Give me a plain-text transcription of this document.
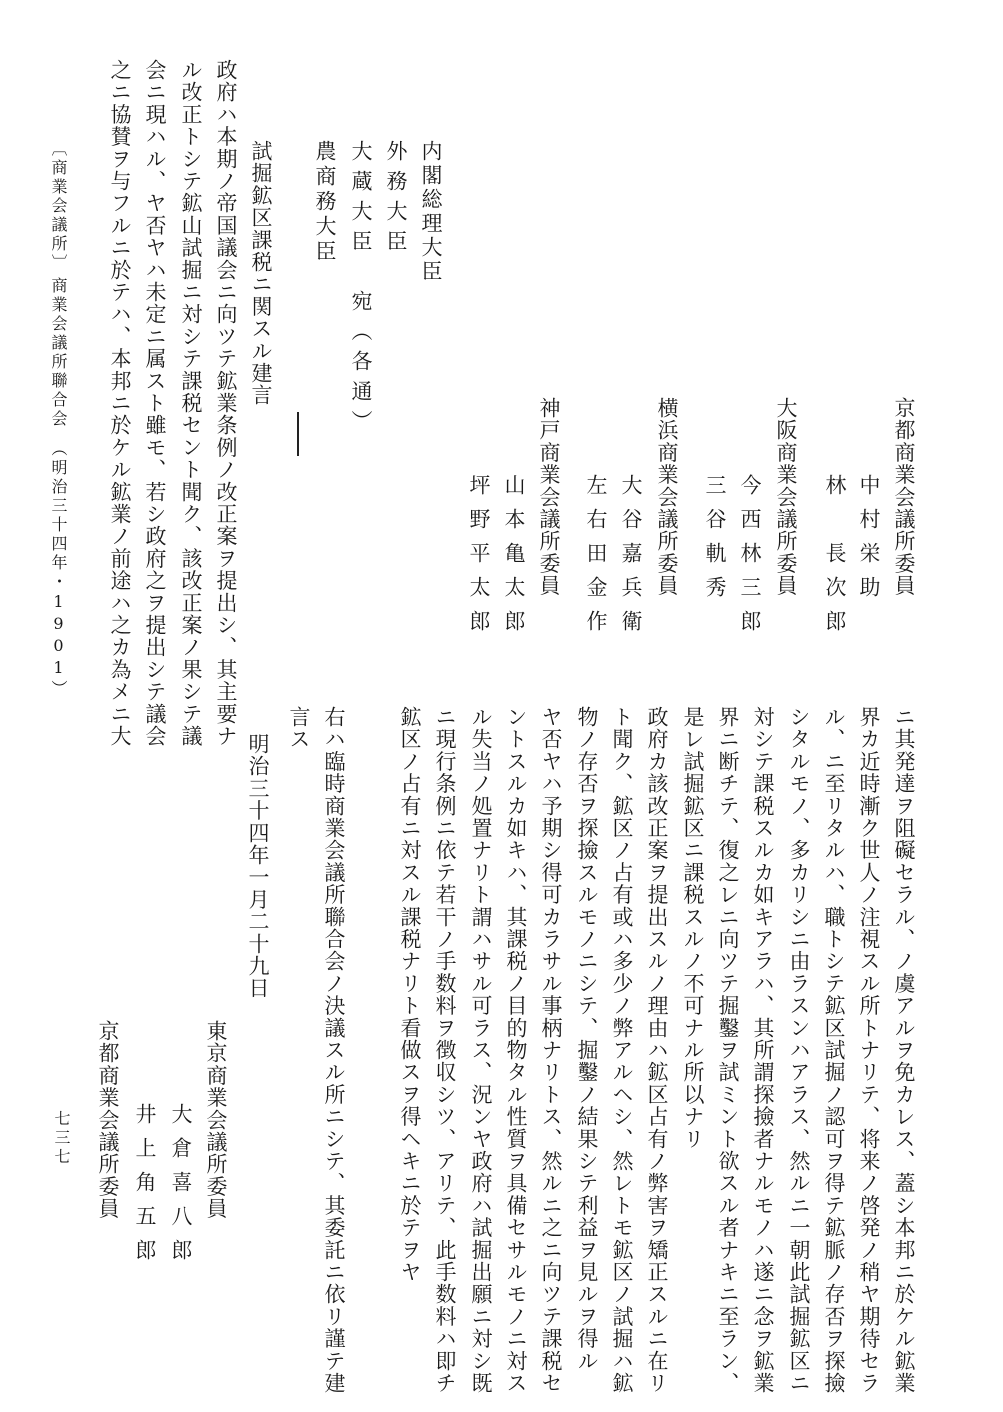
京都商業会議所委員
中村栄助
林　長次郎
大阪商業会議所委員
今西林三郎
三谷軌秀
横浜商業会議所委員
大谷嘉兵衛
左右田金作
神戸商業会議所委員
山本亀太郎
坪野平太郎
内閣総理大臣
外務大臣
大蔵大臣　宛（各通）
農商務大臣
試掘鉱区課税ニ関スル建言
政府ハ本期ノ帝国議会ニ向ツテ鉱業条例ノ改正案ヲ提出シ、其主要ナ
ル改正トシテ鉱山試掘ニ対シテ課税セント聞ク、該改正案ノ果シテ議
会ニ現ハル、ヤ否ヤハ未定ニ属スト雖モ、若シ政府之ヲ提出シテ議会
之ニ協賛ヲ与フルニ於テハ、本邦ニ於ケル鉱業ノ前途ハ之カ為メニ大
〔商業会議所〕
商業会議所聯合会　（明治三十四年・1901）
ニ其発達ヲ阻礙セラル、ノ虞アルヲ免カレス、蓋シ本邦ニ於ケル鉱業
界カ近時漸ク世人ノ注視スル所トナリテ、将来ノ啓発ノ稍ヤ期待セラ
ル、ニ至リタルハ、職トシテ鉱区試掘ノ認可ヲ得テ鉱脈ノ存否ヲ探撿
シタルモノ、多カリシニ由ラスンハアラス、然ルニ一朝此試掘鉱区ニ
対シテ課税スルカ如キアラハ、其所謂探撿者ナルモノハ遂ニ念ヲ鉱業
界ニ断チテ、復之レニ向ツテ掘鑿ヲ試ミント欲スル者ナキニ至ラン、
是レ試掘鉱区ニ課税スルノ不可ナル所以ナリ
政府カ該改正案ヲ提出スルノ理由ハ鉱区占有ノ弊害ヲ矯正スルニ在リ
ト聞ク、鉱区ノ占有或ハ多少ノ弊アルヘシ、然レトモ鉱区ノ試掘ハ鉱
物ノ存否ヲ探撿スルモノニシテ、掘鑿ノ結果シテ利益ヲ見ルヲ得ル
ヤ否ヤハ予期シ得可カラサル事柄ナリトス、然ルニ之ニ向ツテ課税セ
ントスルカ如キハ、其課税ノ目的物タル性質ヲ具備セサルモノニ対ス
ル失当ノ処置ナリト謂ハサル可ラス、況ンヤ政府ハ試掘出願ニ対シ既
ニ現行条例ニ依テ若干ノ手数料ヲ徴収シツ、アリテ、此手数料ハ即チ
鉱区ノ占有ニ対スル課税ナリト看做スヲ得ヘキニ於テヲヤ
右ハ臨時商業会議所聯合会ノ決議スル所ニシテ、其委託ニ依リ謹テ建
言ス
明治三十四年一月二十九日
東京商業会議所委員
大倉喜八郎
井上角五郎
京都商業会議所委員
七三七
